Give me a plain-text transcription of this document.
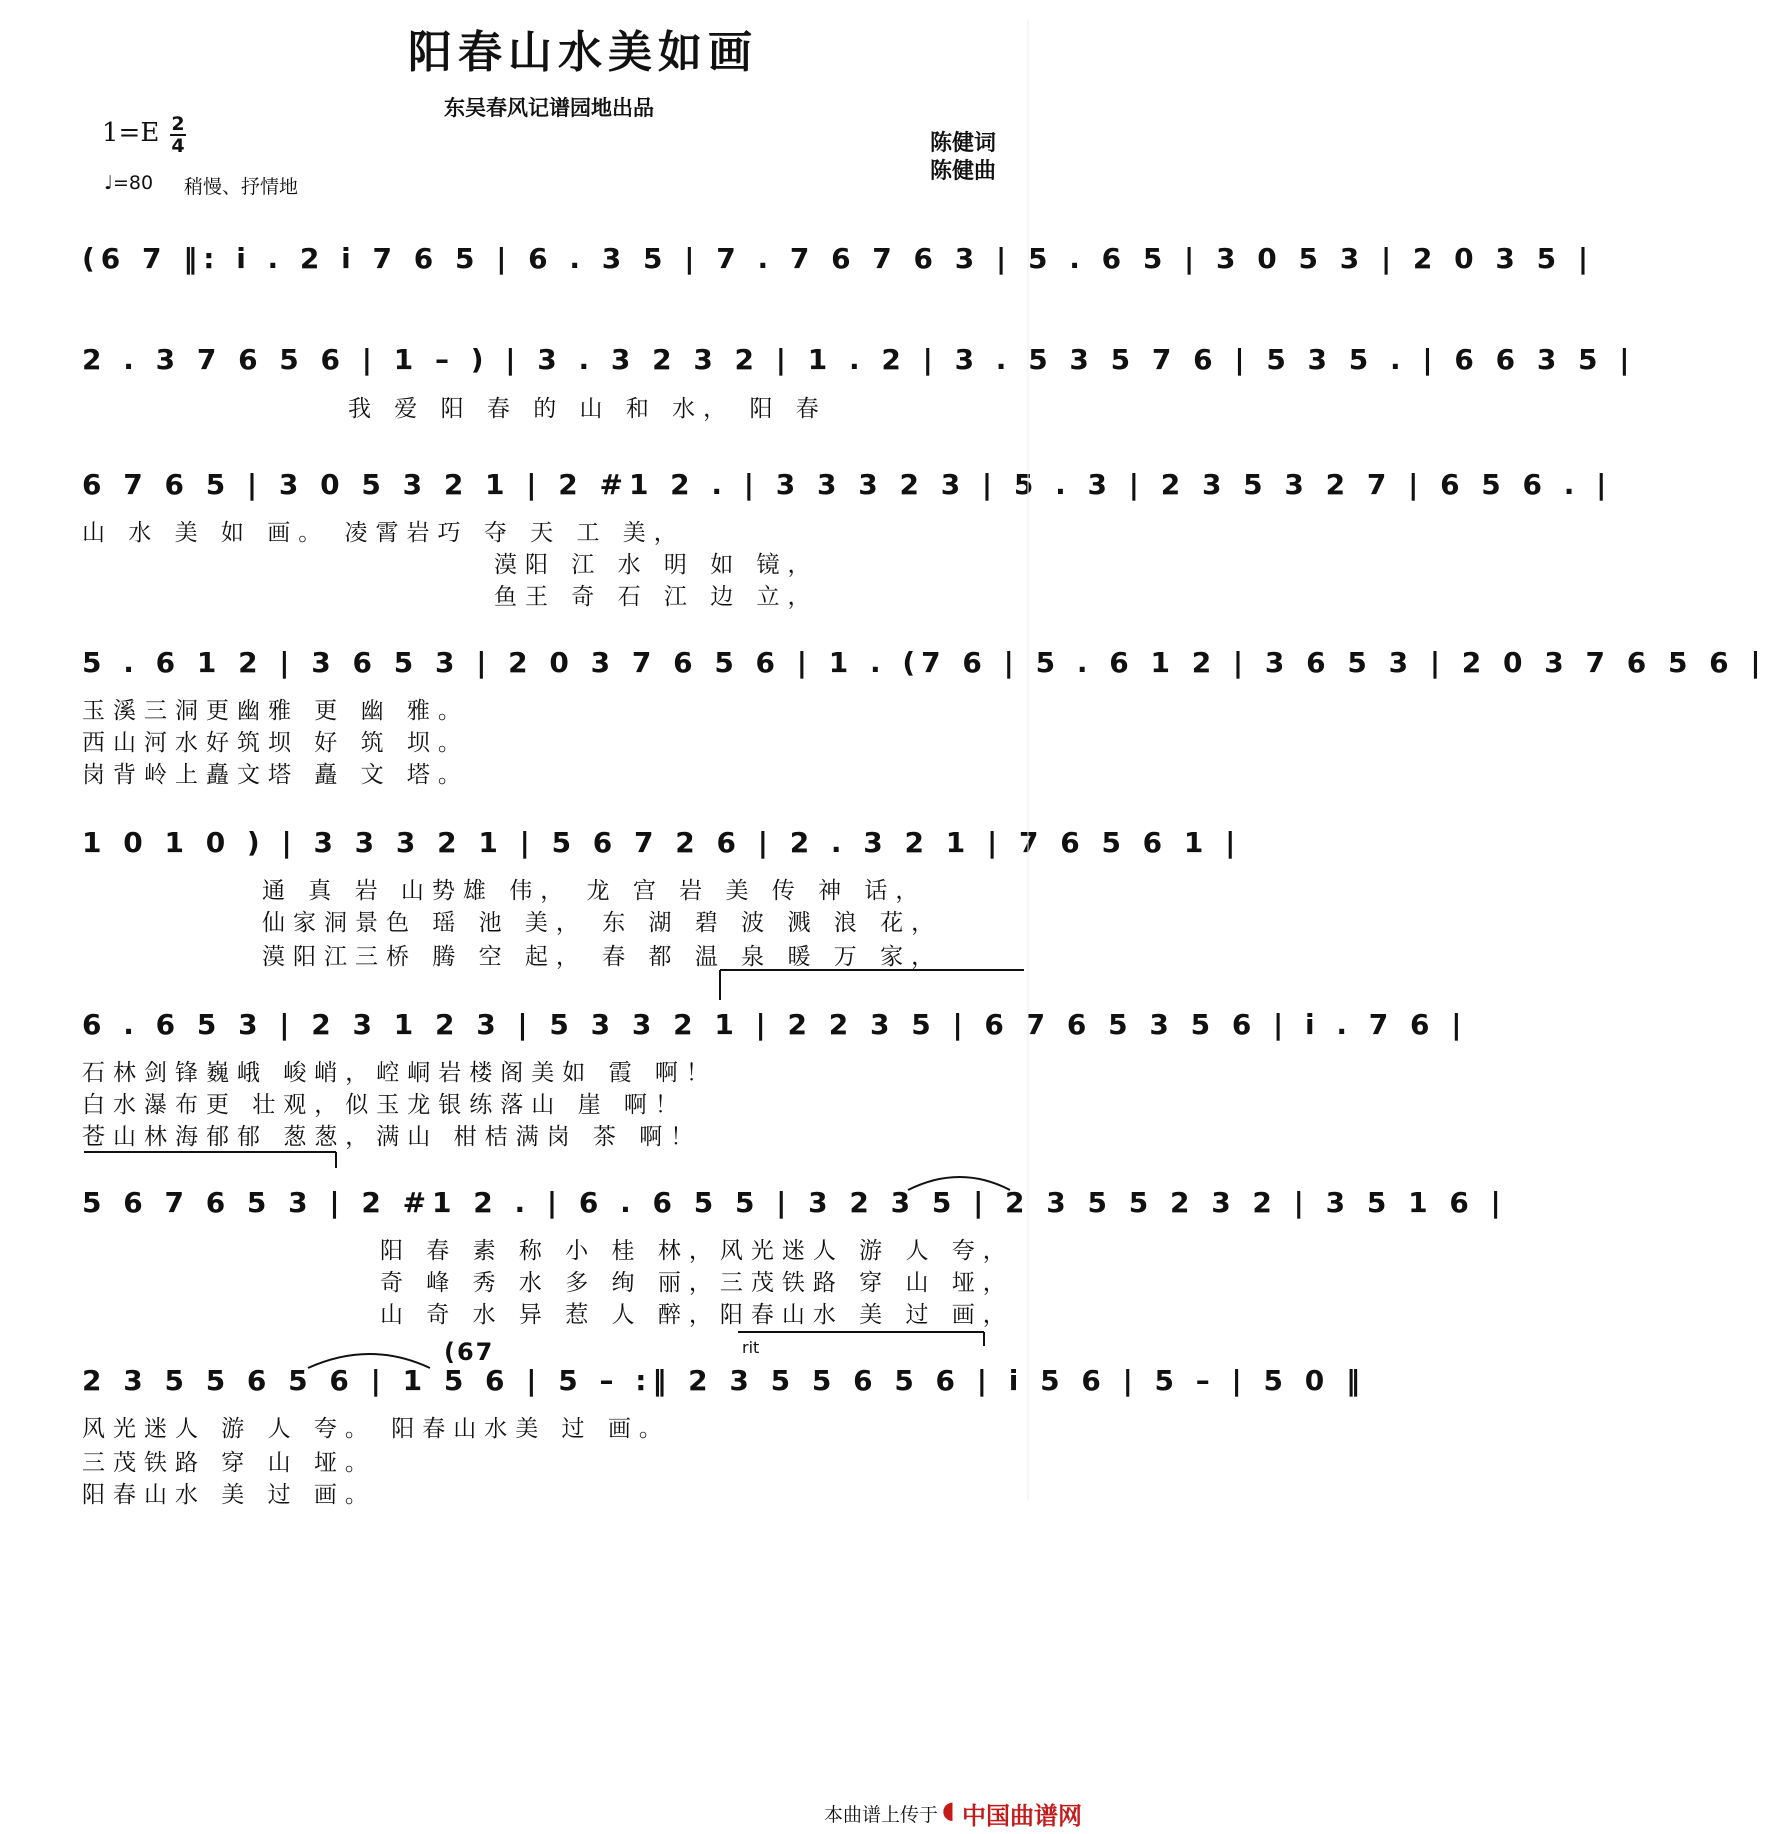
阳春山水美如画
东吴春风记谱园地出品
$1=E \frac{2}{4}$	陈健词
陈健曲
♩=80 稍慢、抒情地
(6 7 ‖: i . 2 i 7 6 5 | 6 . 3 5 | 7 . 7 6 7 6 3 | 5 . 6 5 | 3 0 5 3 | 2 0 3 5 |
2 . 3 7 6 5 6 | 1 – ) | 3 . 3 2 3 2 | 1 . 2 | 3 . 5 3 5 7 6 | 5 3 5 . | 6 6 3 5 |
我 爱 阳 春 的 山 和 水， 阳 春
6 7 6 5 | 3 0 5 3 2 1 | 2 #1 2 . | 3 3 3 2 3 | 5 . 3 | 2 3 5 3 2 7 | 6 5 6 . |
山 水 美 如 画。 凌霄岩巧 夺 天 工 美，
漠阳 江 水 明 如 镜，
鱼王 奇 石 江 边 立，
5 . 6 1 2 | 3 6 5 3 | 2 0 3 7 6 5 6 | 1 . (7 6 | 5 . 6 1 2 | 3 6 5 3 | 2 0 3 7 6 5 6 |
玉溪三洞更幽雅 更 幽 雅。
西山河水好筑坝 好 筑 坝。
岗背岭上矗文塔 矗 文 塔。
1 0 1 0 ) | 3 3 3 2 1 | 5 6 7 2 6 | 2 . 3 2 1 | 7 6 5 6 1 |
通 真 岩 山势雄 伟， 龙 宫 岩 美 传 神 话，
仙家洞景色 瑶 池 美， 东 湖 碧 波 溅 浪 花，
漠阳江三桥 腾 空 起， 春 都 温 泉 暖 万 家，
6 . 6 5 3 | 2 3 1 2 3 | 5 3 3 2 1 | 2 2 3 5 | 6 7 6 5 3 5 6 | i . 7 6 |
石林剑锋巍峨 峻峭，崆峒岩楼阁美如 霞 啊！
白水瀑布更 壮观，似玉龙银练落山 崖 啊！
苍山林海郁郁 葱葱，满山 柑桔满岗 茶 啊！
5 6 7 6 5 3 | 2 #1 2 . | 6 . 6 5 5 | 3 2 3 5 | 2 3 5 5 2 3 2 | 3 5 1 6 |
阳 春 素 称 小 桂 林，风光迷人 游 人 夸，
奇 峰 秀 水 多 绚 丽，三茂铁路 穿 山 垭，
山 奇 水 异 惹 人 醉，阳春山水 美 过 画，
(67	rit
2 3 5 5 6 5 6 | 1 5 6 | 5 – :‖ 2 3 5 5 6 5 6 | i 5 6 | 5 – | 5 0 ‖
风光迷人 游 人 夸。 阳春山水美 过 画。
三茂铁路 穿 山 垭。
阳春山水 美 过 画。
本曲谱上传于 ◖ 中国曲谱网
